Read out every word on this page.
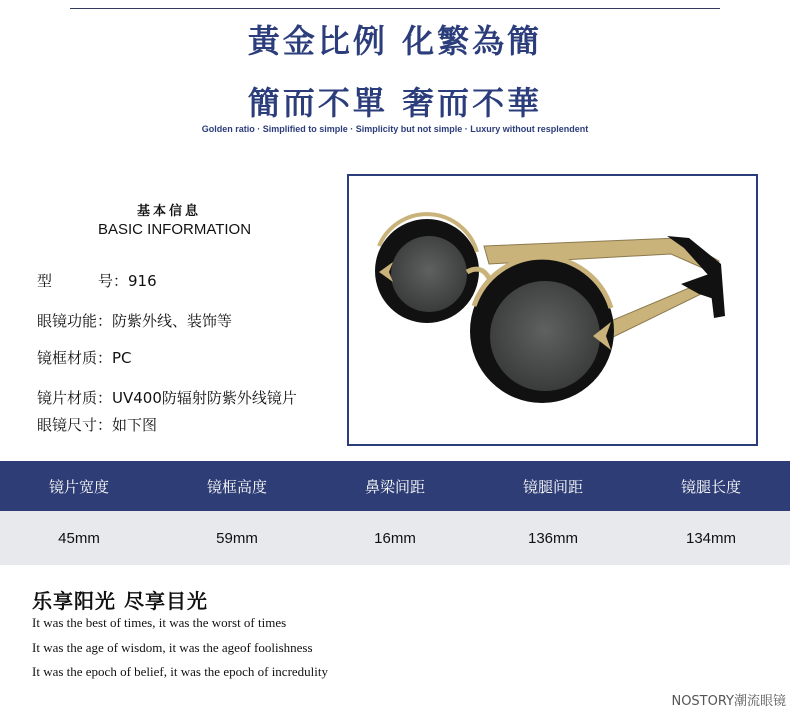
黃金比例 化繁為簡
簡而不單 奢而不華
Golden ratio · Simplified to simple · Simplicity but not simple · Luxury without resplendent
基本信息
BASIC INFORMATION
型	号 ：916
眼镜功能：防紫外线、装饰等
镜框材质：PC
镜片材质：UV400防辐射防紫外线镜片
眼镜尺寸：如下图
镜片宽度	镜框高度	鼻梁间距	镜腿间距	镜腿长度
45mm	59mm	16mm	136mm	134mm
乐享阳光 尽享目光
It was the best of times, it was the worst of times
It was the age of wisdom, it was the ageof foolishness
It was the epoch of belief, it was the epoch of incredulity
NOSTORY潮流眼镜
